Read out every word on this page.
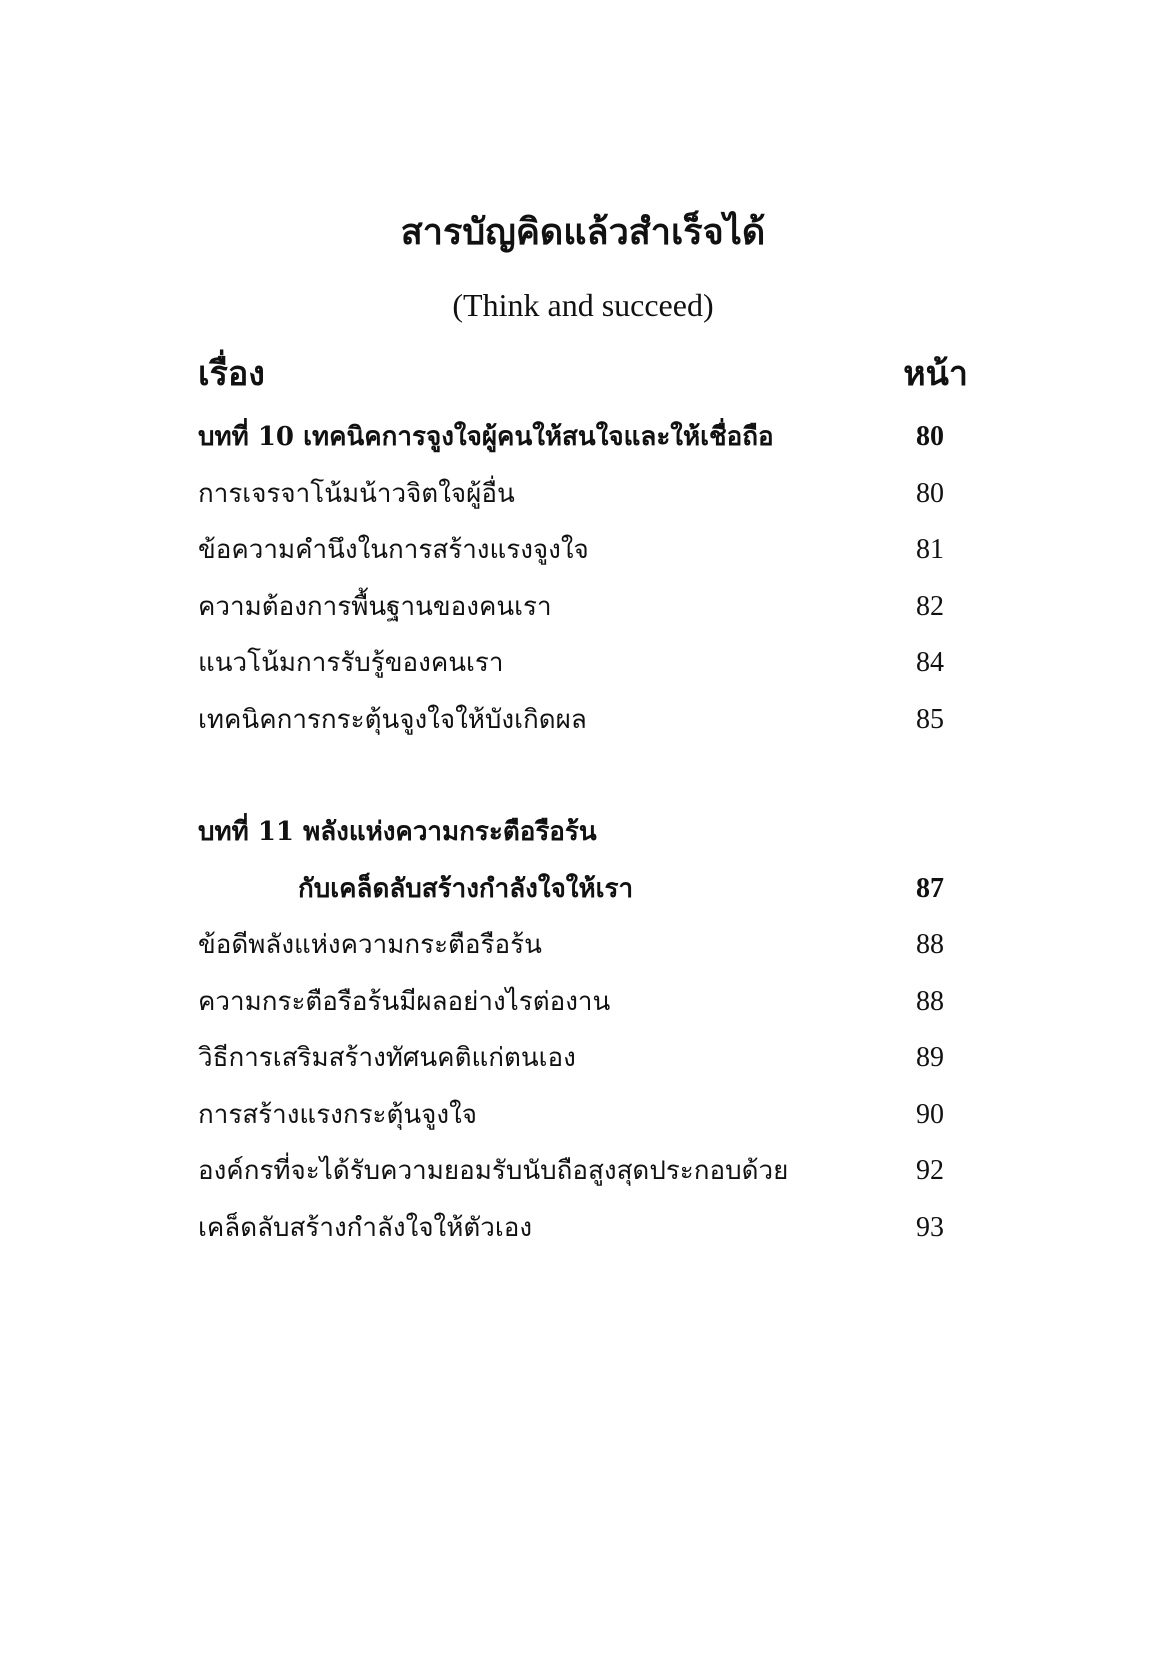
สารบัญคิดแล้วสำเร็จได้
(Think and succeed)
เรื่อง	หน้า
บทที่ 10 เทคนิคการจูงใจผู้คนให้สนใจและให้เชื่อถือ	80
การเจรจาโน้มน้าวจิตใจผู้อื่น	80
ข้อความคำนึงในการสร้างแรงจูงใจ	81
ความต้องการพื้นฐานของคนเรา	82
แนวโน้มการรับรู้ของคนเรา	84
เทคนิคการกระตุ้นจูงใจให้บังเกิดผล	85
บทที่ 11 พลังแห่งความกระตือรือร้น
กับเคล็ดลับสร้างกำลังใจให้เรา	87
ข้อดีพลังแห่งความกระตือรือร้น	88
ความกระตือรือร้นมีผลอย่างไรต่องาน	88
วิธีการเสริมสร้างทัศนคติแก่ตนเอง	89
การสร้างแรงกระตุ้นจูงใจ	90
องค์กรที่จะได้รับความยอมรับนับถือสูงสุดประกอบด้วย	92
เคล็ดลับสร้างกำลังใจให้ตัวเอง	93
